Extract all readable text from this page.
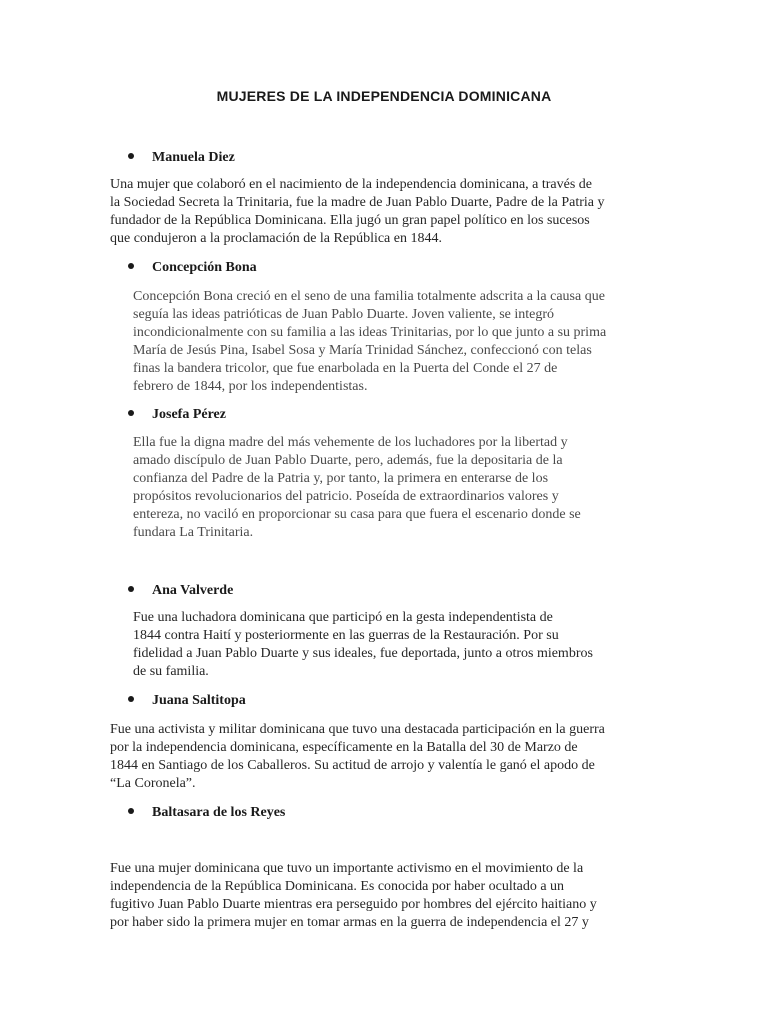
MUJERES DE LA INDEPENDENCIA DOMINICANA
Manuela Diez
Una mujer que colaboró en el nacimiento de la independencia dominicana, a través de
la Sociedad Secreta la Trinitaria, fue la madre de Juan Pablo Duarte, Padre de la Patria y
fundador de la República Dominicana. Ella jugó un gran papel político en los sucesos
que condujeron a la proclamación de la República en 1844.
Concepción Bona
Concepción Bona creció en el seno de una familia totalmente adscrita a la causa que
seguía las ideas patrióticas de Juan Pablo Duarte. Joven valiente, se integró
incondicionalmente con su familia a las ideas Trinitarias, por lo que junto a su prima
María de Jesús Pina, Isabel Sosa y María Trinidad Sánchez, confeccionó con telas
finas la bandera tricolor, que fue enarbolada en la Puerta del Conde el 27 de
febrero de 1844, por los independentistas.
Josefa Pérez
Ella fue la digna madre del más vehemente de los luchadores por la libertad y
amado discípulo de Juan Pablo Duarte, pero, además, fue la depositaria de la
confianza del Padre de la Patria y, por tanto, la primera en enterarse de los
propósitos revolucionarios del patricio. Poseída de extraordinarios valores y
entereza, no vaciló en proporcionar su casa para que fuera el escenario donde se
fundara La Trinitaria.
Ana Valverde
Fue una luchadora dominicana que participó en la gesta independentista de
1844 contra Haití y posteriormente en las guerras de la Restauración. Por su
fidelidad a Juan Pablo Duarte y sus ideales, fue deportada, junto a otros miembros
de su familia.
Juana Saltitopa
Fue una activista y militar dominicana que tuvo una destacada participación en la guerra
por la independencia dominicana, específicamente en la Batalla del 30 de Marzo de
1844 en Santiago de los Caballeros. Su actitud de arrojo y valentía le ganó el apodo de
“La Coronela”.
Baltasara de los Reyes
Fue una mujer dominicana que tuvo un importante activismo en el movimiento de la
independencia de la República Dominicana. Es conocida por haber ocultado a un
fugitivo Juan Pablo Duarte mientras era perseguido por hombres del ejército haitiano y
por haber sido la primera mujer en tomar armas en la guerra de independencia el 27 y
